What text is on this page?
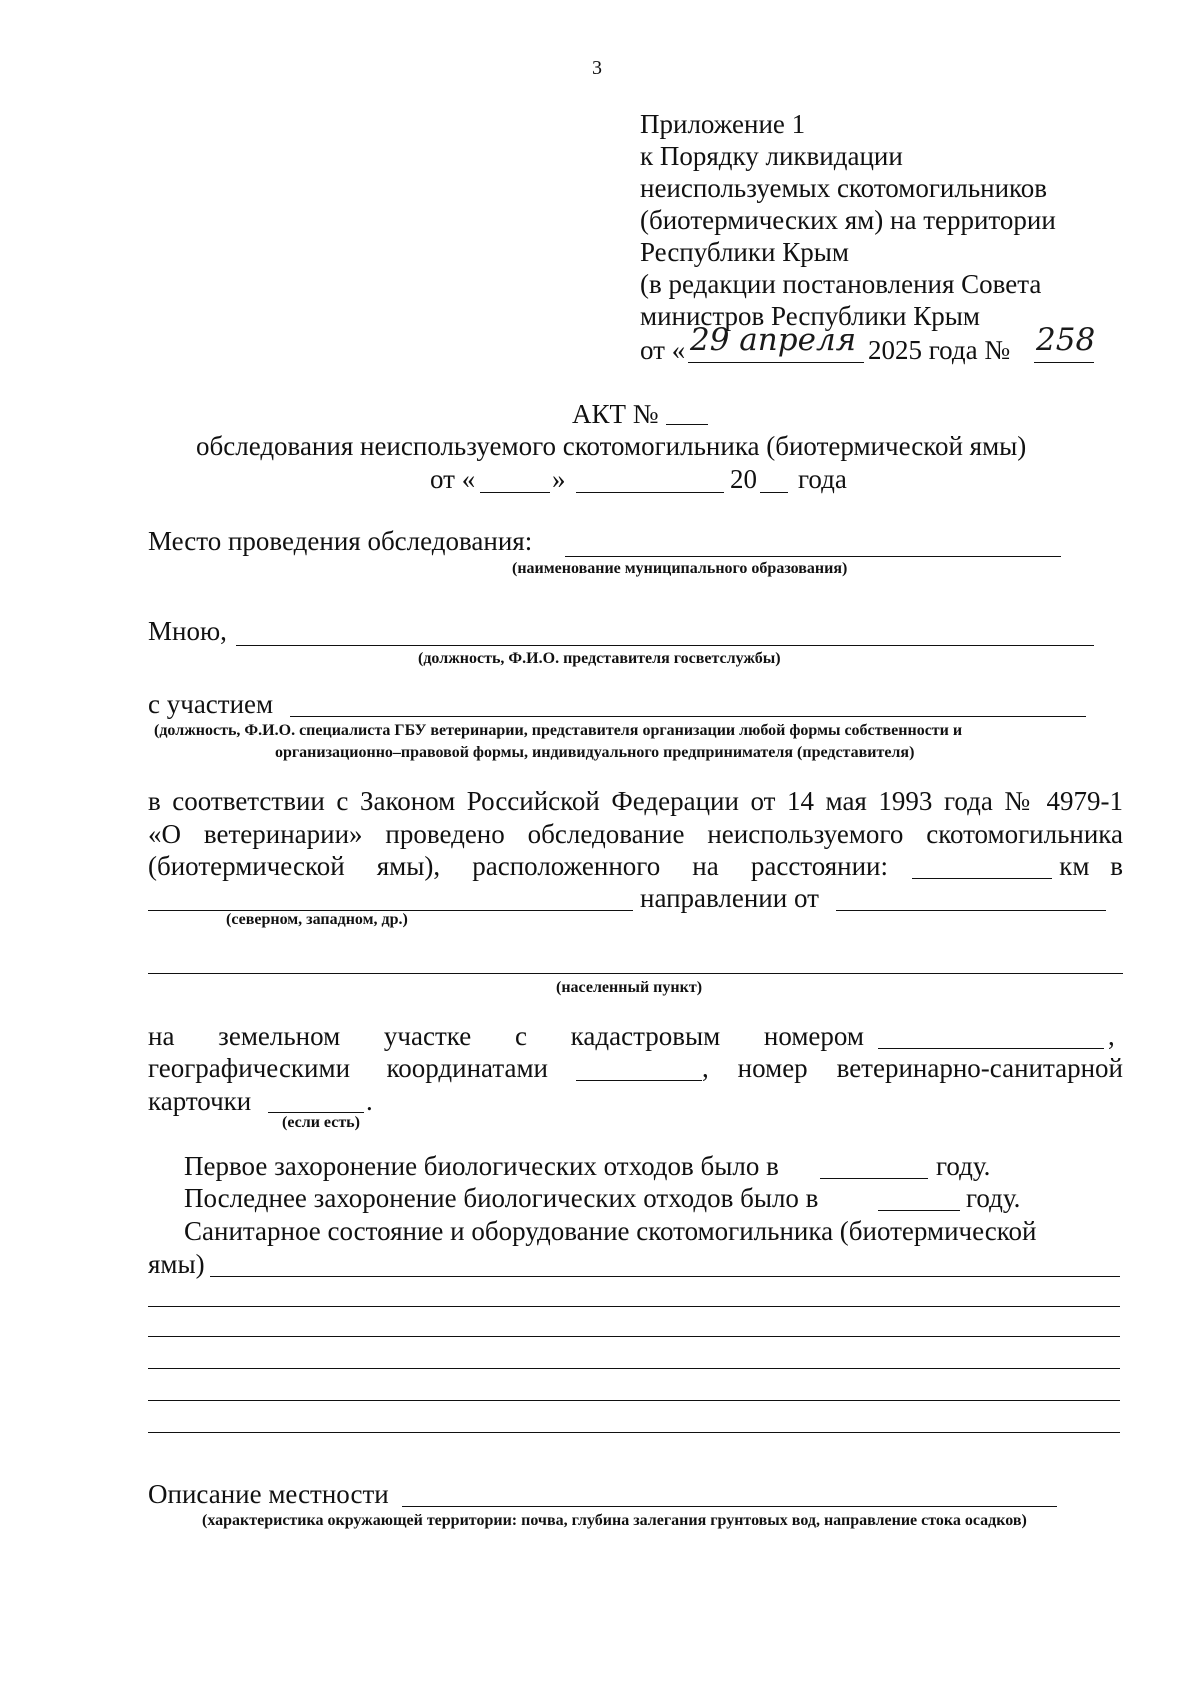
3
Приложение 1
к Порядку ликвидации
неиспользуемых скотомогильников
(биотермических ям) на территории
Республики Крым
(в редакции постановления Совета
министров Республики Крым
от « 29 апреля 2025 года № 258
АКТ №
обследования неиспользуемого скотомогильника (биотермической ямы)
от «	»	20 года
Место проведения обследования:
(наименование муниципального образования)
Мною,
(должность, Ф.И.О. представителя госветслужбы)
с участием
(должность, Ф.И.О. специалиста ГБУ ветеринарии, представителя организации любой формы собственности и
организационно–правовой формы, индивидуального предпринимателя (представителя)
в соответствии с Законом Российской Федерации от 14 мая 1993 года № 4979-1
«О ветеринарии» проведено обследование неиспользуемого скотомогильника
(биотермической ямы), расположенного на расстоянии:	км в
направлении от
(северном, западном, др.)
(населенный пункт)
на земельном участке с кадастровым номером	,
географическими координатами	, номер ветеринарно-санитарной
карточки	.
(если есть)
Первое захоронение биологических отходов было в	году.
Последнее захоронение биологических отходов было в	году.
Санитарное состояние и оборудование скотомогильника (биотермической
ямы)
Описание местности
(характеристика окружающей территории: почва, глубина залегания грунтовых вод, направление стока осадков)
